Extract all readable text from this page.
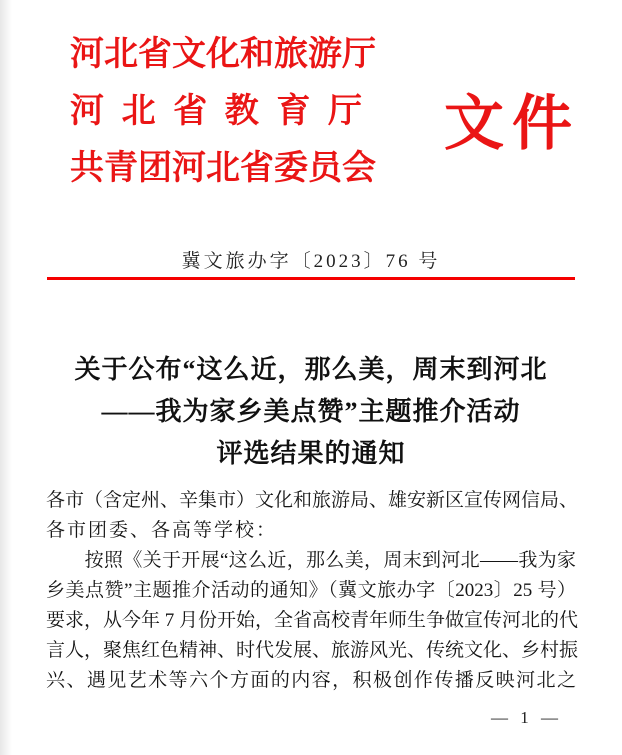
河北省文化和旅游厅
河北省教育厅
共青团河北省委员会
文件
冀文旅办字〔2023〕76 号
关于公布“这么近，那么美，周末到河北
——我为家乡美点赞”主题推介活动
评选结果的通知
各市（含定州、辛集市）文化和旅游局、雄安新区宣传网信局、
各市团委、各高等学校：
　　按照《关于开展“这么近，那么美，周末到河北——我为家
乡美点赞”主题推介活动的通知》（冀文旅办字〔2023〕25 号）
要求，从今年 7 月份开始，全省高校青年师生争做宣传河北的代
言人，聚焦红色精神、时代发展、旅游风光、传统文化、乡村振
兴、遇见艺术等六个方面的内容，积极创作传播反映河北之
— 1 —
